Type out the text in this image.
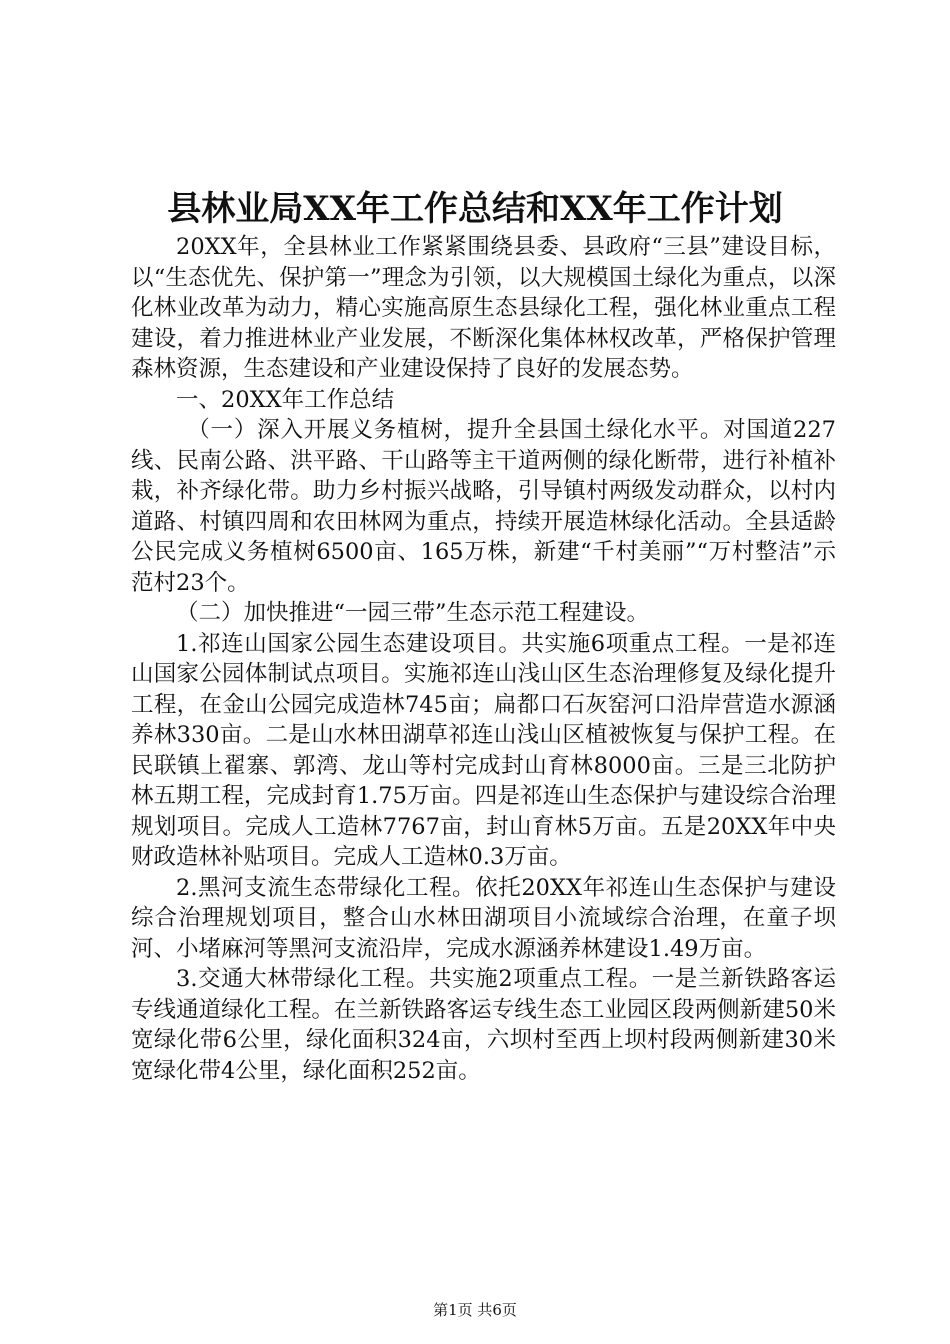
县林业局XX年工作总结和XX年工作计划

20XX年，全县林业工作紧紧围绕县委、县政府“三县”建设目标，以“生态优先、保护第一”理念为引领，以大规模国土绿化为重点，以深化林业改革为动力，精心实施高原生态县绿化工程，强化林业重点工程建设，着力推进林业产业发展，不断深化集体林权改革，严格保护管理森林资源，生态建设和产业建设保持了良好的发展态势。

一、20XX年工作总结

（一）深入开展义务植树，提升全县国土绿化水平。对国道227线、民南公路、洪平路、干山路等主干道两侧的绿化断带，进行补植补栽，补齐绿化带。助力乡村振兴战略，引导镇村两级发动群众，以村内道路、村镇四周和农田林网为重点，持续开展造林绿化活动。全县适龄公民完成义务植树6500亩、165万株，新建“千村美丽”“万村整洁”示范村23个。

（二）加快推进“一园三带”生态示范工程建设。

1.祁连山国家公园生态建设项目。共实施6项重点工程。一是祁连山国家公园体制试点项目。实施祁连山浅山区生态治理修复及绿化提升工程，在金山公园完成造林745亩；扁都口石灰窑河口沿岸营造水源涵养林330亩。二是山水林田湖草祁连山浅山区植被恢复与保护工程。在民联镇上翟寨、郭湾、龙山等村完成封山育林8000亩。三是三北防护林五期工程，完成封育1.75万亩。四是祁连山生态保护与建设综合治理规划项目。完成人工造林7767亩，封山育林5万亩。五是20XX年中央财政造林补贴项目。完成人工造林0.3万亩。

2.黑河支流生态带绿化工程。依托20XX年祁连山生态保护与建设综合治理规划项目，整合山水林田湖项目小流域综合治理，在童子坝河、小堵麻河等黑河支流沿岸，完成水源涵养林建设1.49万亩。

3.交通大林带绿化工程。共实施2项重点工程。一是兰新铁路客运专线通道绿化工程。在兰新铁路客运专线生态工业园区段两侧新建50米宽绿化带6公里，绿化面积324亩，六坝村至西上坝村段两侧新建30米宽绿化带4公里，绿化面积252亩。

第1页 共6页
